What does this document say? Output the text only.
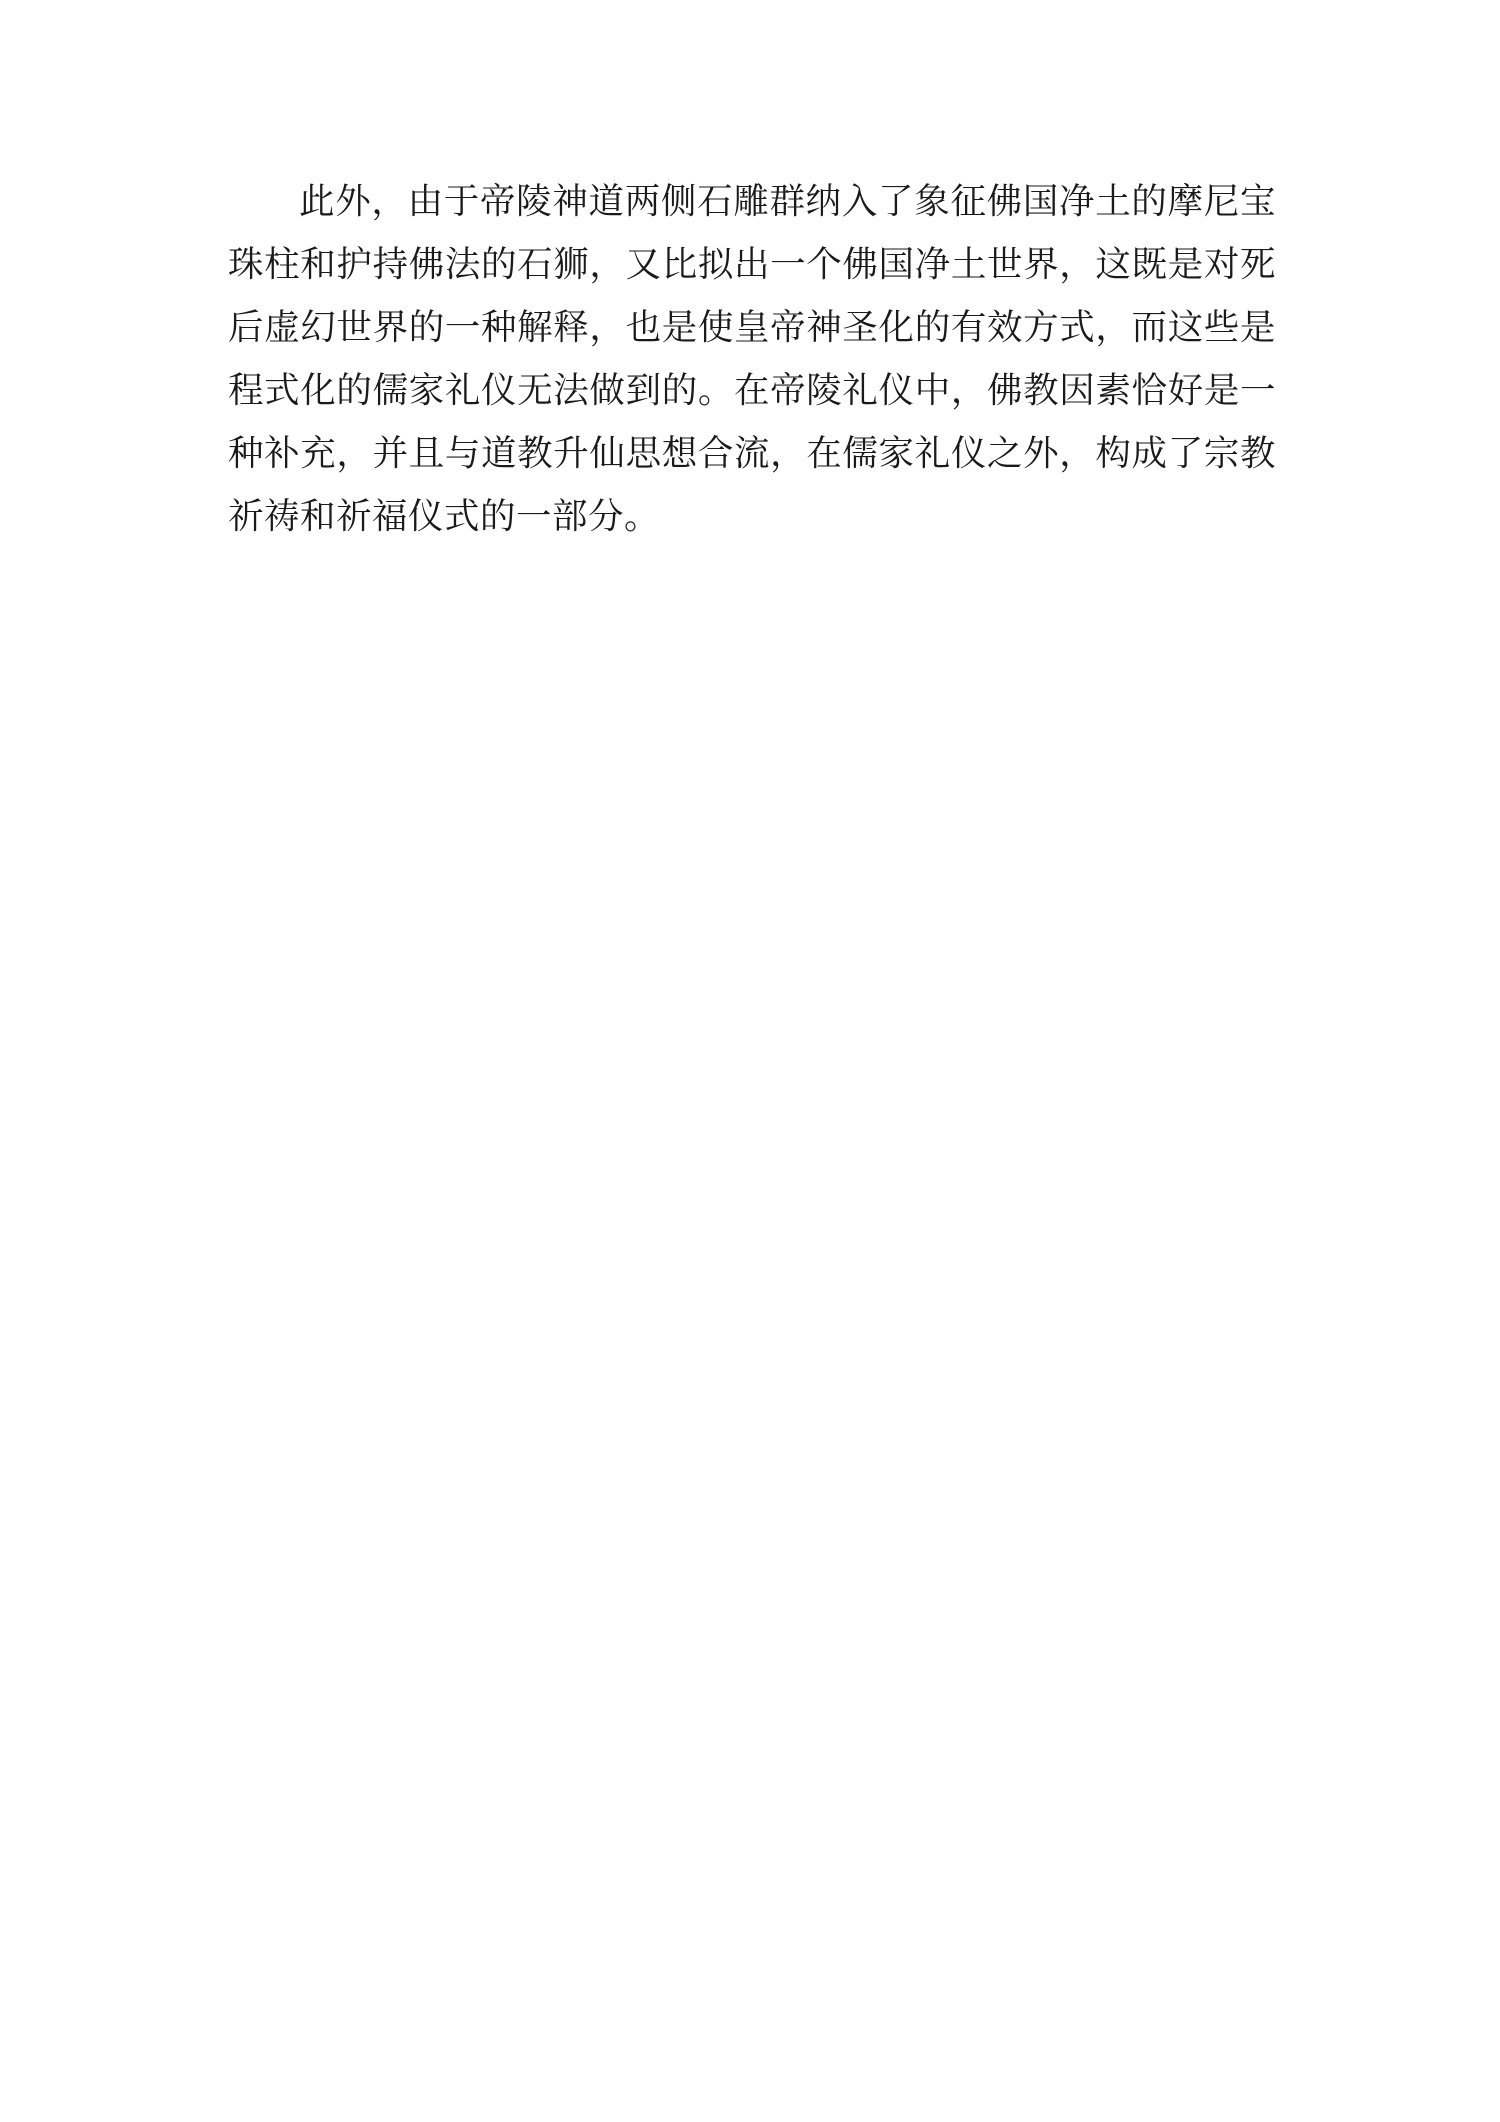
此外，由于帝陵神道两侧石雕群纳入了象征佛国净土的摩尼宝珠柱和护持佛法的石狮，又比拟出一个佛国净土世界，这既是对死后虚幻世界的一种解释，也是使皇帝神圣化的有效方式，而这些是程式化的儒家礼仪无法做到的。在帝陵礼仪中，佛教因素恰好是一种补充，并且与道教升仙思想合流，在儒家礼仪之外，构成了宗教祈祷和祈福仪式的一部分。
